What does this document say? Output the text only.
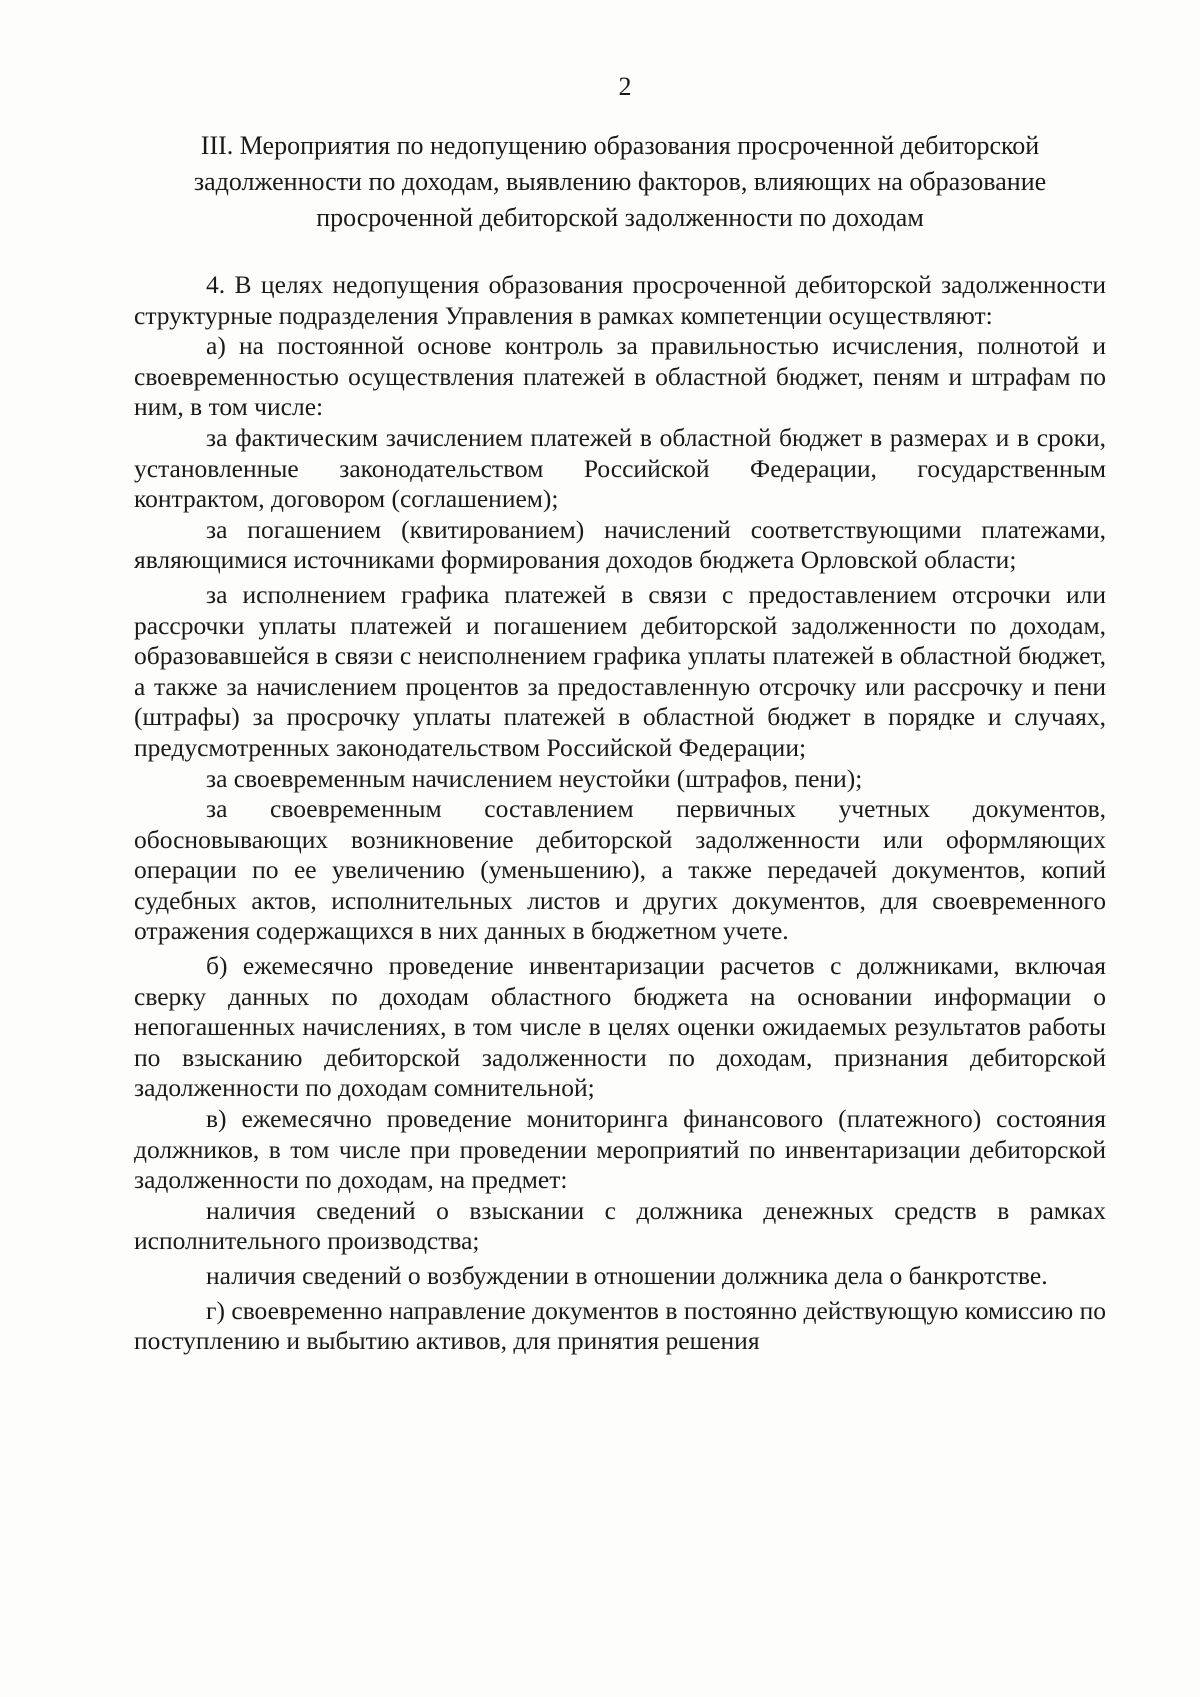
2
III. Мероприятия по недопущению образования просроченной дебиторской
задолженности по доходам, выявлению факторов, влияющих на образование
просроченной дебиторской задолженности по доходам

4. В целях недопущения образования просроченной дебиторской задолженности структурные подразделения Управления в рамках компетенции осуществляют:

а) на постоянной основе контроль за правильностью исчисления, полнотой и своевременностью осуществления платежей в областной бюджет, пеням и штрафам по ним, в том числе:

за фактическим зачислением платежей в областной бюджет в размерах и в сроки, установленные законодательством Российской Федерации, государственным контрактом, договором (соглашением);

за погашением (квитированием) начислений соответствующими платежами, являющимися источниками формирования доходов бюджета Орловской области;

за исполнением графика платежей в связи с предоставлением отсрочки или рассрочки уплаты платежей и погашением дебиторской задолженности по доходам, образовавшейся в связи с неисполнением графика уплаты платежей в областной бюджет, а также за начислением процентов за предоставленную отсрочку или рассрочку и пени (штрафы) за просрочку уплаты платежей в областной бюджет в порядке и случаях, предусмотренных законодательством Российской Федерации;

за своевременным начислением неустойки (штрафов, пени);

за своевременным составлением первичных учетных документов, обосновывающих возникновение дебиторской задолженности или оформляющих операции по ее увеличению (уменьшению), а также передачей документов, копий судебных актов, исполнительных листов и других документов, для своевременного отражения содержащихся в них данных в бюджетном учете.

б) ежемесячно проведение инвентаризации расчетов с должниками, включая сверку данных по доходам областного бюджета на основании информации о непогашенных начислениях, в том числе в целях оценки ожидаемых результатов работы по взысканию дебиторской задолженности по доходам, признания дебиторской задолженности по доходам сомнительной;

в) ежемесячно проведение мониторинга финансового (платежного) состояния должников, в том числе при проведении мероприятий по инвентаризации дебиторской задолженности по доходам, на предмет:

наличия сведений о взыскании с должника денежных средств в рамках исполнительного производства;

наличия сведений о возбуждении в отношении должника дела о банкротстве.

г) своевременно направление документов в постоянно действующую комиссию по поступлению и выбытию активов, для принятия решения
